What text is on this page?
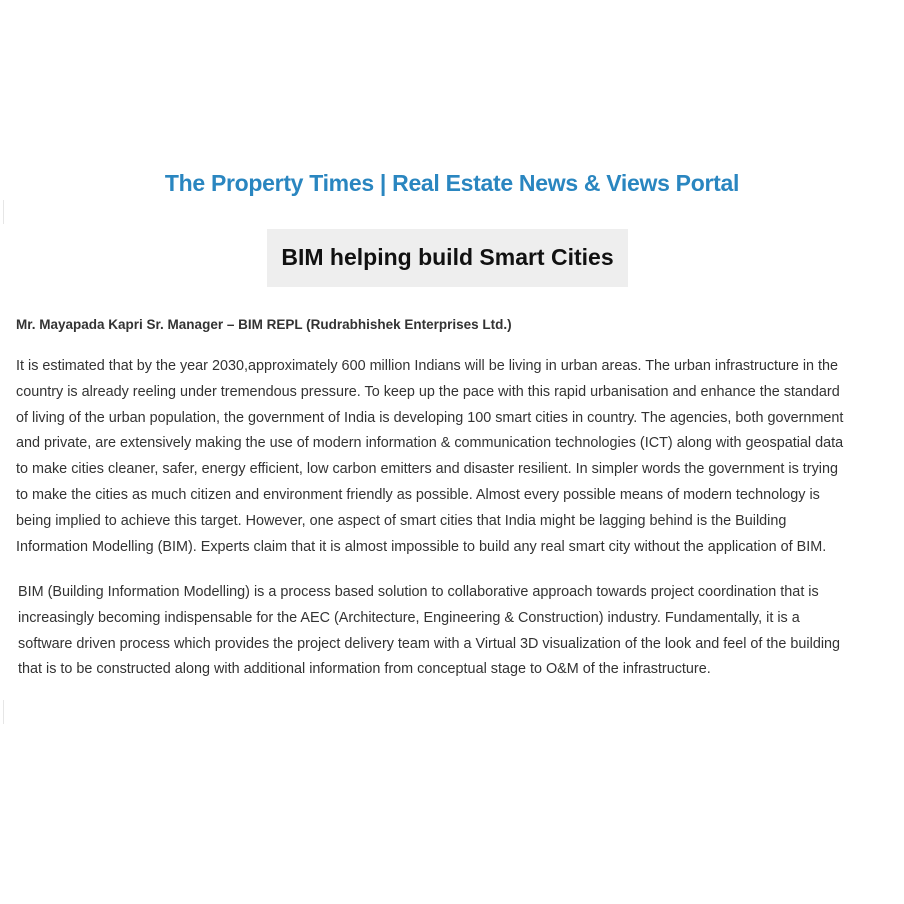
The Property Times | Real Estate News & Views Portal
BIM helping build Smart Cities
Mr. Mayapada Kapri Sr. Manager – BIM REPL (Rudrabhishek Enterprises Ltd.)
It is estimated that by the year 2030,approximately 600 million Indians will be living in urban areas. The urban infrastructure in the
country is already reeling under tremendous pressure. To keep up the pace with this rapid urbanisation and enhance the standard
of living of the urban population, the government of India is developing 100 smart cities in country. The agencies, both government
and private, are extensively making the use of modern information & communication technologies (ICT) along with geospatial data
to make cities cleaner, safer, energy efficient, low carbon emitters and disaster resilient. In simpler words the government is trying
to make the cities as much citizen and environment friendly as possible. Almost every possible means of modern technology is
being implied to achieve this target. However, one aspect of smart cities that India might be lagging behind is the Building
Information Modelling (BIM). Experts claim that it is almost impossible to build any real smart city without the application of BIM.
BIM (Building Information Modelling) is a process based solution to collaborative approach towards project coordination that is
increasingly becoming indispensable for the AEC (Architecture, Engineering & Construction) industry. Fundamentally, it is a
software driven process which provides the project delivery team with a Virtual 3D visualization of the look and feel of the building
that is to be constructed along with additional information from conceptual stage to O&M of the infrastructure.
